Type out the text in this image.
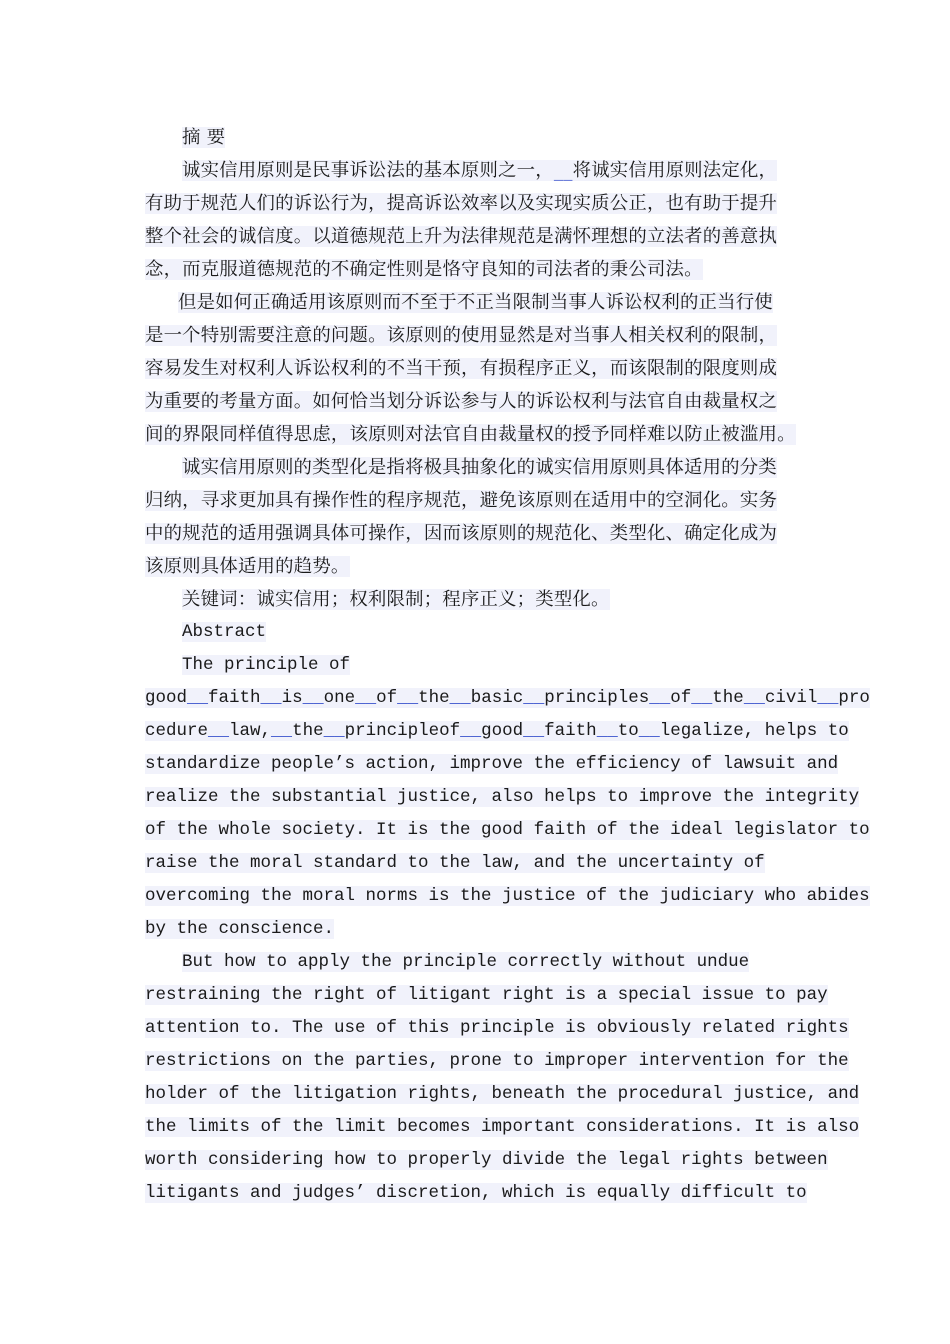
摘 要
诚实信用原则是民事诉讼法的基本原则之一，__将诚实信用原则法定化，
有助于规范人们的诉讼行为，提高诉讼效率以及实现实质公正，也有助于提升
整个社会的诚信度。以道德规范上升为法律规范是满怀理想的立法者的善意执
念，而克服道德规范的不确定性则是恪守良知的司法者的秉公司法。
但是如何正确适用该原则而不至于不正当限制当事人诉讼权利的正当行使
是一个特别需要注意的问题。该原则的使用显然是对当事人相关权利的限制，
容易发生对权利人诉讼权利的不当干预，有损程序正义，而该限制的限度则成
为重要的考量方面。如何恰当划分诉讼参与人的诉讼权利与法官自由裁量权之
间的界限同样值得思虑，该原则对法官自由裁量权的授予同样难以防止被滥用。
诚实信用原则的类型化是指将极具抽象化的诚实信用原则具体适用的分类
归纳，寻求更加具有操作性的程序规范，避免该原则在适用中的空洞化。实务
中的规范的适用强调具体可操作，因而该原则的规范化、类型化、确定化成为
该原则具体适用的趋势。
关键词：诚实信用；权利限制；程序正义；类型化。
Abstract
The principle of
good__faith__is__one__of__the__basic__principles__of__the__civil__pro
cedure__law,__the__principleof__good__faith__to__legalize, helps to
standardize people’s action, improve the efficiency of lawsuit and
realize the substantial justice, also helps to improve the integrity
of the whole society. It is the good faith of the ideal legislator to
raise the moral standard to the law, and the uncertainty of
overcoming the moral norms is the justice of the judiciary who abides
by the conscience.
But how to apply the principle correctly without undue
restraining the right of litigant right is a special issue to pay
attention to. The use of this principle is obviously related rights
restrictions on the parties, prone to improper intervention for the
holder of the litigation rights, beneath the procedural justice, and
the limits of the limit becomes important considerations. It is also
worth considering how to properly divide the legal rights between
litigants and judges’ discretion, which is equally difficult to
